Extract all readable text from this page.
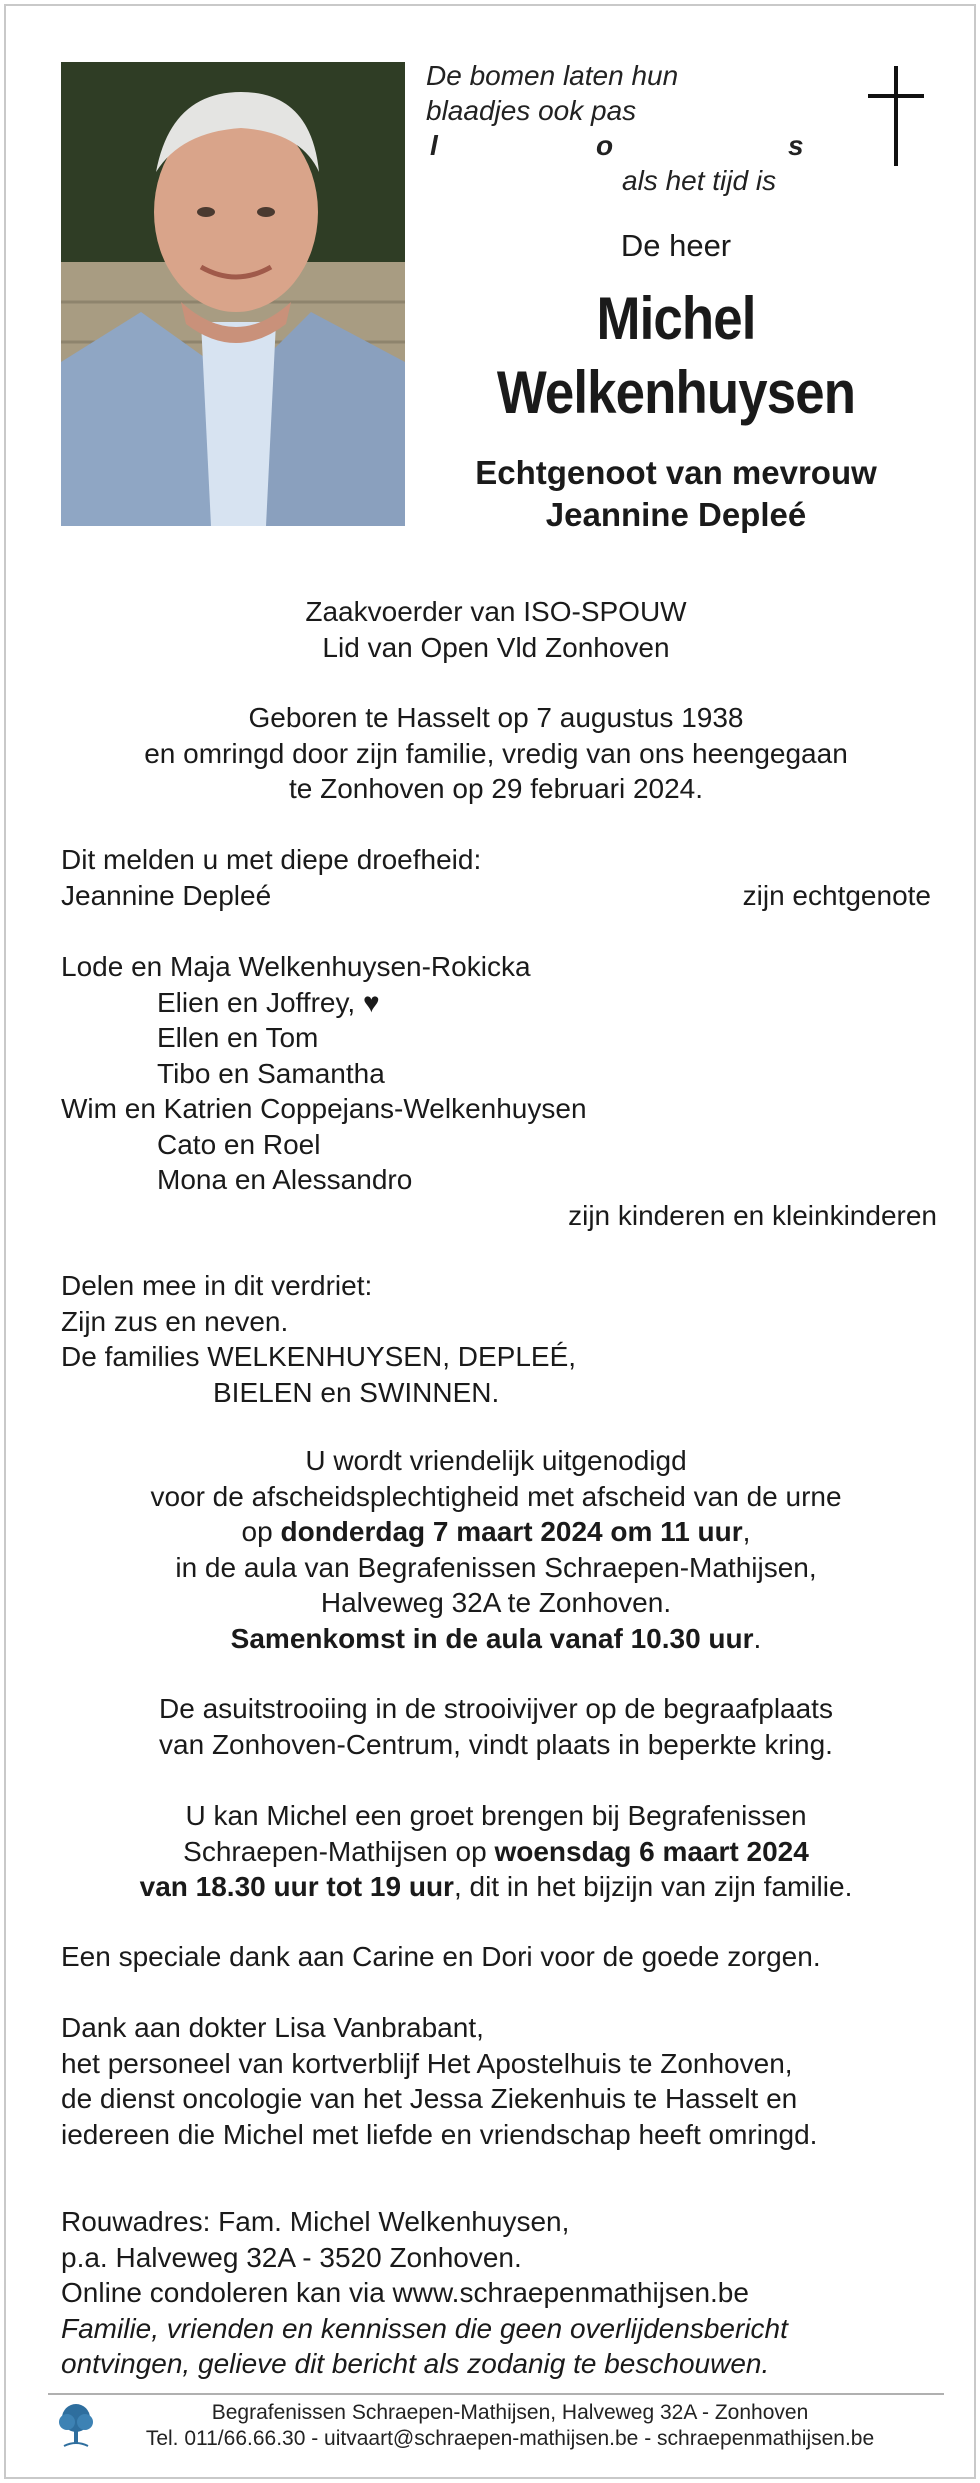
De bomen laten hun
blaadjes ook pas
l	o	s
als het tijd is
De heer
Michel
Welkenhuysen
Echtgenoot van mevrouw
Jeannine Depleé
Zaakvoerder van ISO-SPOUW
Lid van Open Vld Zonhoven
Geboren te Hasselt op 7 augustus 1938
en omringd door zijn familie, vredig van ons heengegaan
te Zonhoven op 29 februari 2024.
Dit melden u met diepe droefheid:
Jeannine Depleé	zijn echtgenote
Lode en Maja Welkenhuysen-Rokicka
Elien en Joffrey, ♥
Ellen en Tom
Tibo en Samantha
Wim en Katrien Coppejans-Welkenhuysen
Cato en Roel
Mona en Alessandro
zijn kinderen en kleinkinderen
Delen mee in dit verdriet:
Zijn zus en neven.
De families WELKENHUYSEN, DEPLEÉ,
BIELEN en SWINNEN.
U wordt vriendelijk uitgenodigd
voor de afscheidsplechtigheid met afscheid van de urne
op donderdag 7 maart 2024 om 11 uur,
in de aula van Begrafenissen Schraepen-Mathijsen,
Halveweg 32A te Zonhoven.
Samenkomst in de aula vanaf 10.30 uur.
De asuitstrooiing in de strooivijver op de begraafplaats
van Zonhoven-Centrum, vindt plaats in beperkte kring.
U kan Michel een groet brengen bij Begrafenissen
Schraepen-Mathijsen op woensdag 6 maart 2024
van 18.30 uur tot 19 uur, dit in het bijzijn van zijn familie.
Een speciale dank aan Carine en Dori voor de goede zorgen.
Dank aan dokter Lisa Vanbrabant,
het personeel van kortverblijf Het Apostelhuis te Zonhoven,
de dienst oncologie van het Jessa Ziekenhuis te Hasselt en
iedereen die Michel met liefde en vriendschap heeft omringd.
Rouwadres: Fam. Michel Welkenhuysen,
p.a. Halveweg 32A - 3520 Zonhoven.
Online condoleren kan via www.schraepenmathijsen.be
Familie, vrienden en kennissen die geen overlijdensbericht
ontvingen, gelieve dit bericht als zodanig te beschouwen.
Begrafenissen Schraepen-Mathijsen, Halveweg 32A - Zonhoven
Tel. 011/66.66.30 - uitvaart@schraepen-mathijsen.be - schraepenmathijsen.be
